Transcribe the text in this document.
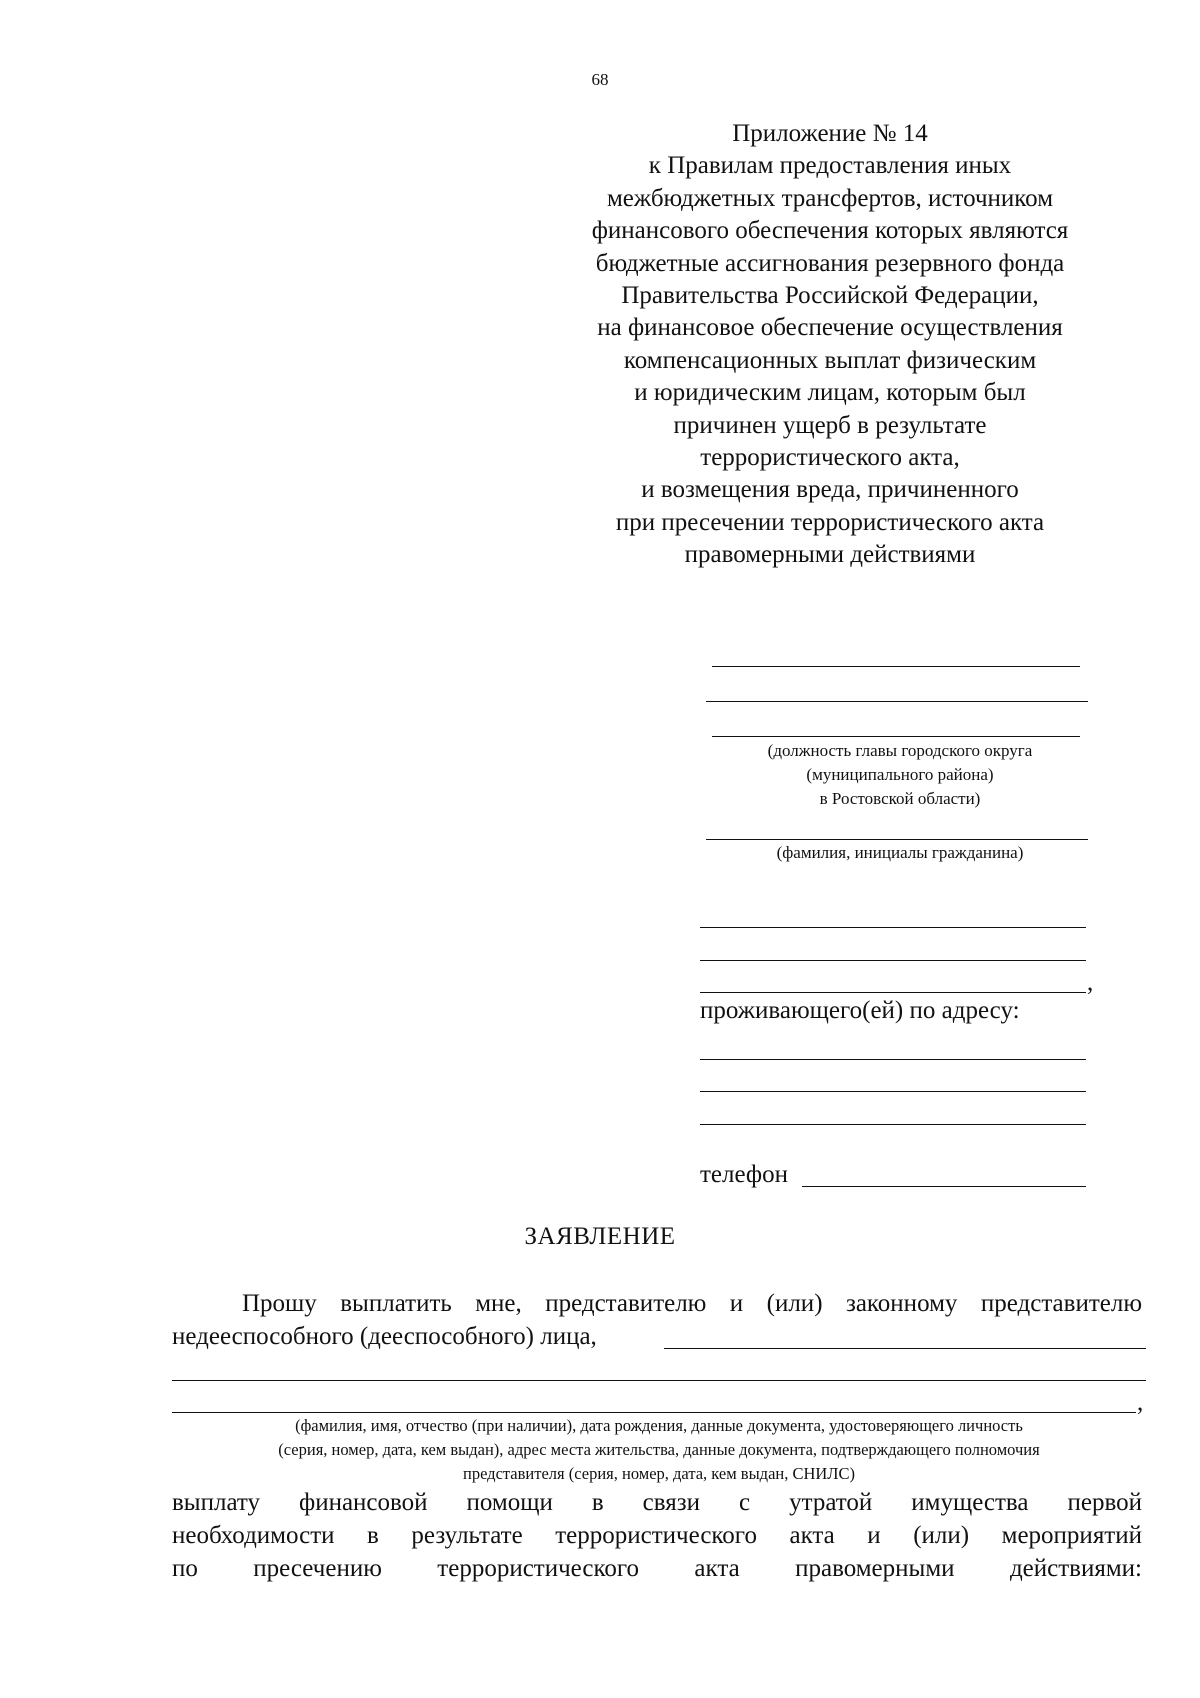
68
Приложение № 14
к Правилам предоставления иных
межбюджетных трансфертов, источником
финансового обеспечения которых являются
бюджетные ассигнования резервного фонда
Правительства Российской Федерации,
на финансовое обеспечение осуществления
компенсационных выплат физическим
и юридическим лицам, которым был
причинен ущерб в результате
террористического акта,
и возмещения вреда, причиненного
при пресечении террористического акта
правомерными действиями
(должность главы городского округа
(муниципального района)
в Ростовской области)
(фамилия, инициалы гражданина)
,
проживающего(ей) по адресу:
телефон
ЗАЯВЛЕНИЕ
Прошу выплатить мне, представителю и (или) законному представителю
недееспособного (дееспособного) лица,
,
(фамилия, имя, отчество (при наличии), дата рождения, данные документа, удостоверяющего личность
(серия, номер, дата, кем выдан), адрес места жительства, данные документа, подтверждающего полномочия
представителя (серия, номер, дата, кем выдан, СНИЛС)
выплату финансовой помощи в связи с утратой имущества первой
необходимости в результате террористического акта и (или) мероприятий
по пресечению террористического акта правомерными действиями:
